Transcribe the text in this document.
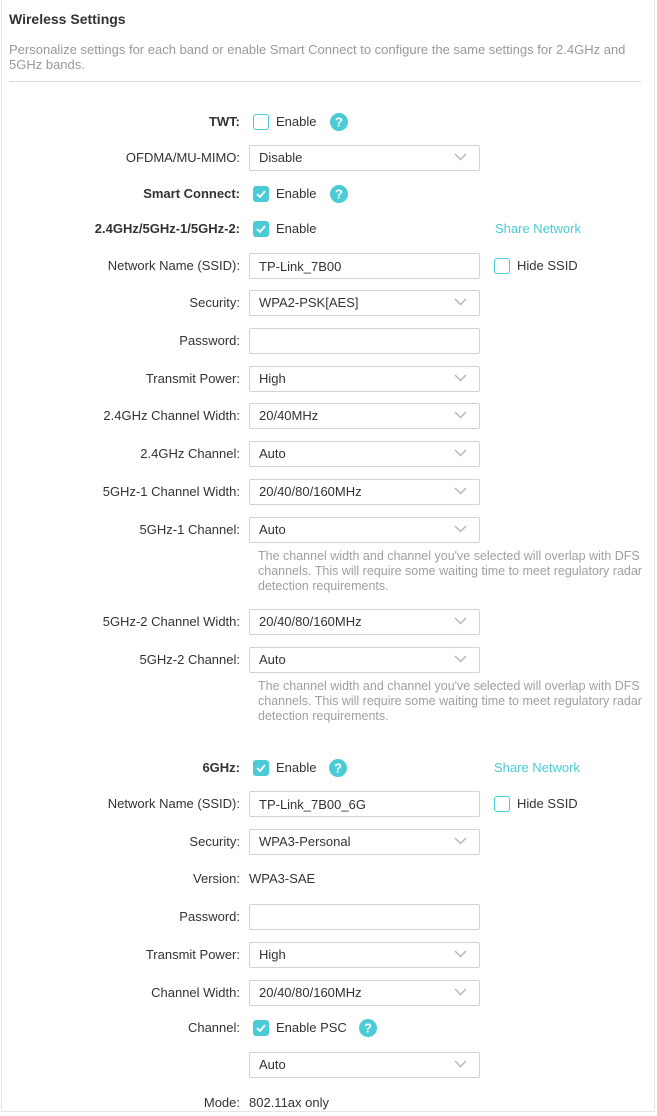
Wireless Settings
Personalize settings for each band or enable Smart Connect to configure the same settings for 2.4GHz and 5GHz bands.
TWT:	Enable ?
OFDMA/MU-MIMO:	Disable
Smart Connect:	Enable ?
2.4GHz/5GHz-1/5GHz-2:	Enable	Share Network
Network Name (SSID):
TP-Link_7B00	Hide SSID
Security:	WPA2-PSK[AES]
Password:
Transmit Power:	High
2.4GHz Channel Width:	20/40MHz
2.4GHz Channel:	Auto
5GHz-1 Channel Width:	20/40/80/160MHz
5GHz-1 Channel:	Auto
The channel width and channel you've selected will overlap with DFS channels. This will require some waiting time to meet regulatory radar detection requirements.
5GHz-2 Channel Width:	20/40/80/160MHz
5GHz-2 Channel:	Auto
The channel width and channel you've selected will overlap with DFS channels. This will require some waiting time to meet regulatory radar detection requirements.
6GHz:	Enable ?	Share Network
Network Name (SSID):
TP-Link_7B00_6G	Hide SSID
Security:	WPA3-Personal
Version: WPA3-SAE
Password:
Transmit Power:	High
Channel Width:	20/40/80/160MHz
Channel:	Enable PSC ?
Auto
Mode: 802.11ax only
